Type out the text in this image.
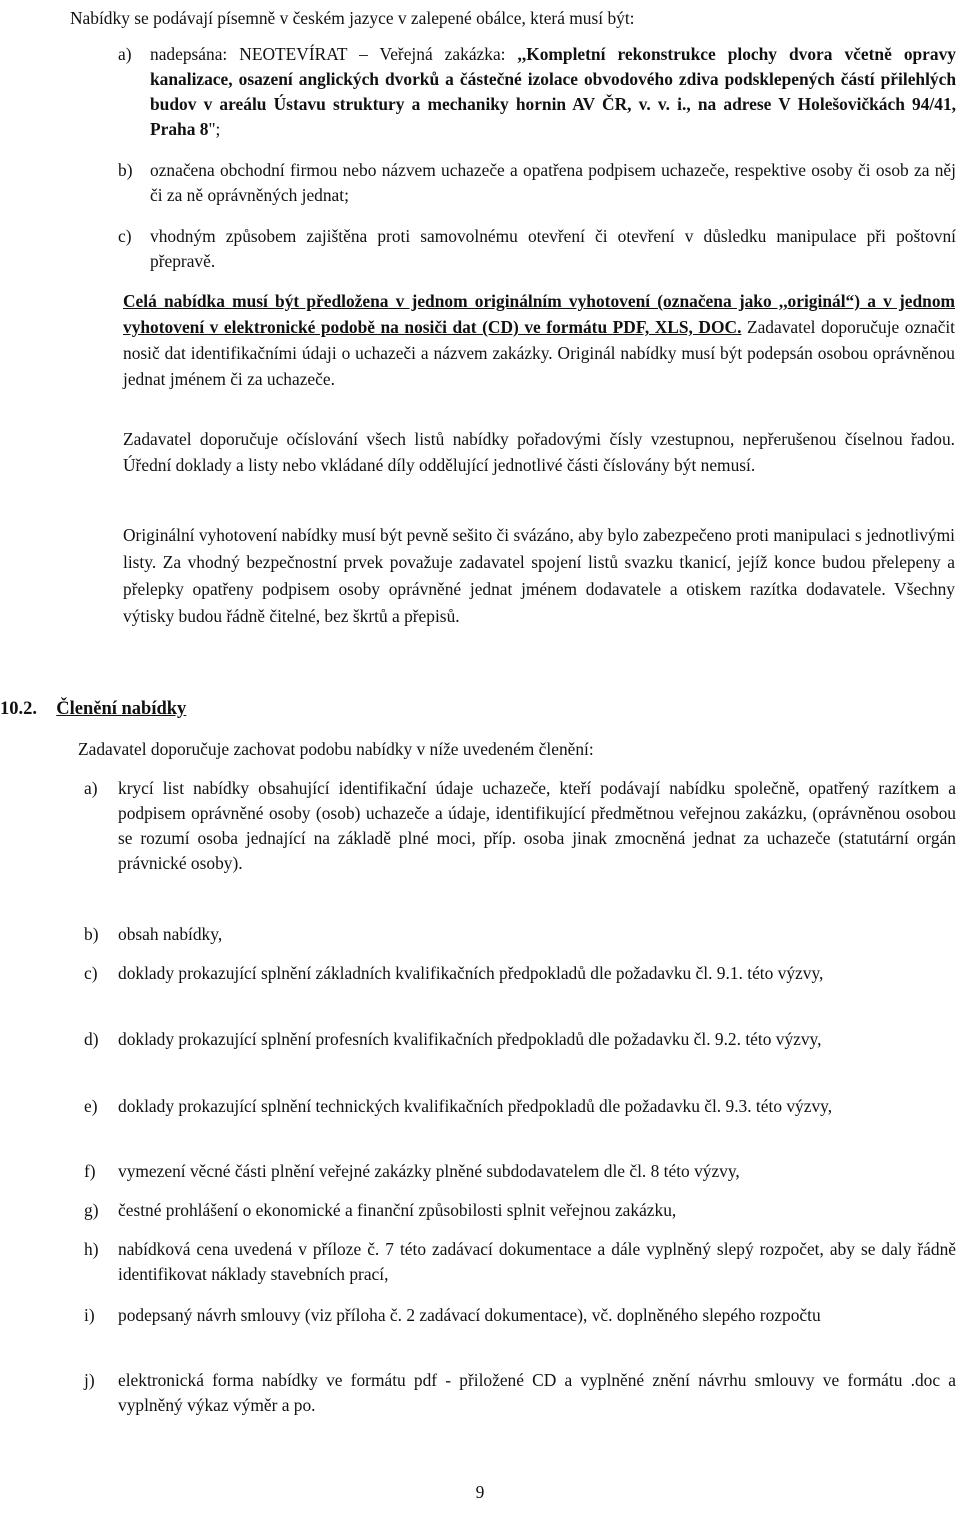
Nabídky se podávají písemně v českém jazyce v zalepené obálce, která musí být:
a)	nadepsána: NEOTEVÍRAT – Veřejná zakázka: ,,Kompletní rekonstrukce plochy dvora včetně opravy kanalizace, osazení anglických dvorků a částečné izolace obvodového zdiva podsklepených částí přilehlých budov v areálu Ústavu struktury a mechaniky hornin AV ČR, v. v. i., na adrese V Holešovičkách 94/41, Praha 8";
b)	označena obchodní firmou nebo názvem uchazeče a opatřena podpisem uchazeče, respektive osoby či osob za něj či za ně oprávněných jednat;
c)	vhodným způsobem zajištěna proti samovolnému otevření či otevření v důsledku manipulace při poštovní přepravě.
Celá nabídka musí být předložena v jednom originálním vyhotovení (označena jako ,,originál“) a v jednom vyhotovení v elektronické podobě na nosiči dat (CD) ve formátu PDF, XLS, DOC. Zadavatel doporučuje označit nosič dat identifikačními údaji o uchazeči a názvem zakázky. Originál nabídky musí být podepsán osobou oprávněnou jednat jménem či za uchazeče.
Zadavatel doporučuje očíslování všech listů nabídky pořadovými čísly vzestupnou, nepřerušenou číselnou řadou. Úřední doklady a listy nebo vkládané díly oddělující jednotlivé části číslovány být nemusí.
Originální vyhotovení nabídky musí být pevně sešito či svázáno, aby bylo zabezpečeno proti manipulaci s jednotlivými listy. Za vhodný bezpečnostní prvek považuje zadavatel spojení listů svazku tkanicí, jejíž konce budou přelepeny a přelepky opatřeny podpisem osoby oprávněné jednat jménem dodavatele a otiskem razítka dodavatele. Všechny výtisky budou řádně čitelné, bez škrtů a přepisů.
10.2. Členění nabídky
Zadavatel doporučuje zachovat podobu nabídky v níže uvedeném členění:
a)	krycí list nabídky obsahující identifikační údaje uchazeče, kteří podávají nabídku společně, opatřený razítkem a podpisem oprávněné osoby (osob) uchazeče a údaje, identifikující předmětnou veřejnou zakázku, (oprávněnou osobou se rozumí osoba jednající na základě plné moci, příp. osoba jinak zmocněná jednat za uchazeče (statutární orgán právnické osoby).
b)	obsah nabídky,
c)	doklady prokazující splnění základních kvalifikačních předpokladů dle požadavku čl. 9.1. této výzvy,
d)	doklady prokazující splnění profesních kvalifikačních předpokladů dle požadavku čl. 9.2. této výzvy,
e)	doklady prokazující splnění technických kvalifikačních předpokladů dle požadavku čl. 9.3. této výzvy,
f)	vymezení věcné části plnění veřejné zakázky plněné subdodavatelem dle čl. 8 této výzvy,
g)	čestné prohlášení o ekonomické a finanční způsobilosti splnit veřejnou zakázku,
h)	nabídková cena uvedená v příloze č. 7 této zadávací dokumentace a dále vyplněný slepý rozpočet, aby se daly řádně identifikovat náklady stavebních prací,
i)	podepsaný návrh smlouvy (viz příloha č. 2 zadávací dokumentace), vč. doplněného slepého rozpočtu
j)	elektronická forma nabídky ve formátu pdf - přiložené CD a vyplněné znění návrhu smlouvy ve formátu .doc a vyplněný výkaz výměr a po.
9
